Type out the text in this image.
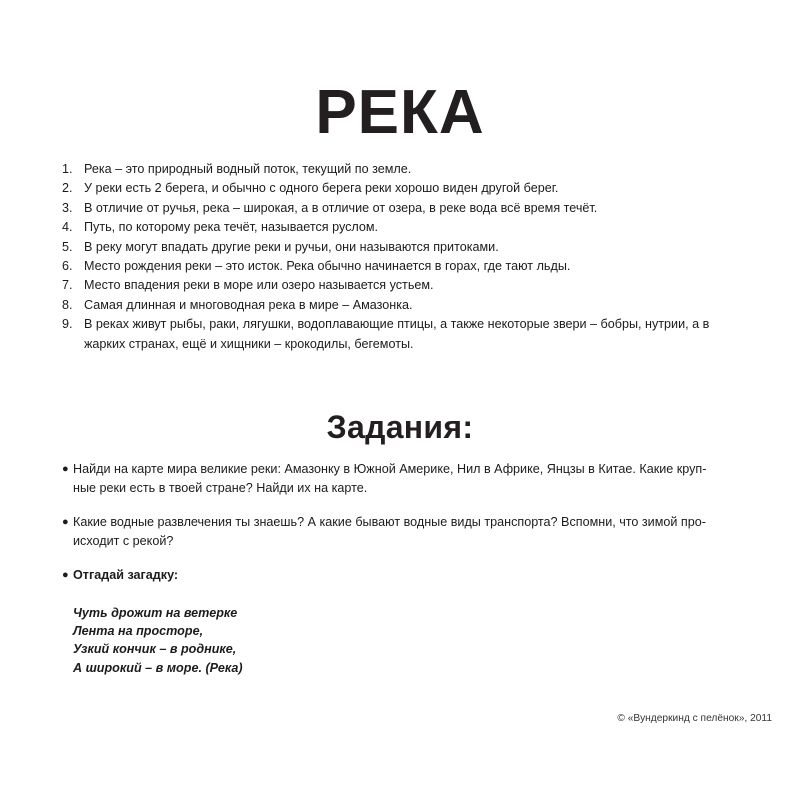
РЕКА
1. Река – это природный водный поток, текущий по земле.
2. У реки есть 2 берега, и обычно с одного берега реки хорошо виден другой берег.
3. В отличие от ручья, река – широкая, а в отличие от озера, в реке вода всё время течёт.
4. Путь, по которому река течёт, называется руслом.
5. В реку могут впадать другие реки и ручьи, они называются притоками.
6. Место рождения реки – это исток. Река обычно начинается в горах, где тают льды.
7. Место впадения реки в море или озеро называется устьем.
8. Самая длинная и многоводная река в мире – Амазонка.
9. В реках живут рыбы, раки, лягушки, водоплавающие птицы, а также некоторые звери – бобры, нутрии, а в
жарких странах, ещё и хищники – крокодилы, бегемоты.
Задания:
● Найди на карте мира великие реки: Амазонку в Южной Америке, Нил в Африке, Янцзы в Китае. Какие круп-
ные реки есть в твоей стране? Найди их на карте.
● Какие водные развлечения ты знаешь? А какие бывают водные виды транспорта? Вспомни, что зимой про-
исходит с рекой?
● Отгадай загадку:
Чуть дрожит на ветерке
Лента на просторе,
Узкий кончик – в роднике,
А широкий – в море. (Река)
© «Вундеркинд с пелёнок», 2011
